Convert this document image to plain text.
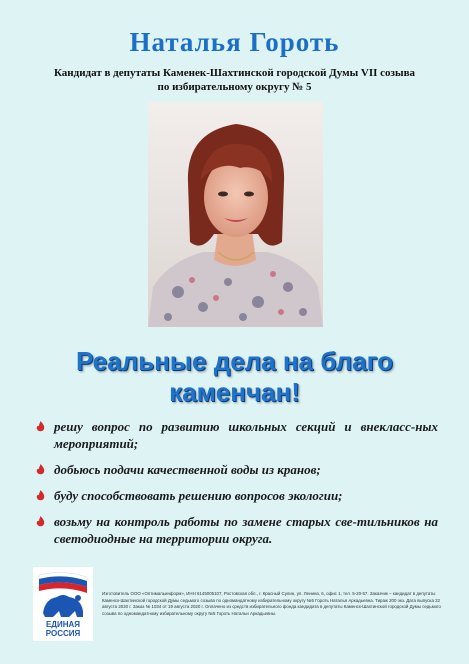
Наталья Гороть
Кандидат в депутаты Каменек-Шахтинской городской Думы VII созыва
по избирательному округу № 5
Реальные дела на благо
каменчан!
решу вопрос по развитию школьных секций и внекласс-ных мероприятий;
добьюсь подачи качественной воды из кранов;
буду способствовать решению вопросов экологии;
возьму на контроль работы по замене старых све-тильников на светодиодные на территории округа.
ЕДИНАЯ
РОССИЯ
Изготовитель ООО «Оптимальинформ», ИНН 6145005107, Ростовская обл., г. Красный Сулин, ул. Ленина, 6, офис 1, тел. 5-20-57. Заказчик – кандидат в депутаты Каменск-Шахтинской городской Думы седьмого созыва по одномандатному избирательному округу №5 Гороть Наталья Аркадьевна. Тираж 200 экз. Дата выпуска 22 августа 2020 г. Заказ № 1034 от 19 августа 2020 г. Оплачено из средств избирательного фонда кандидата в депутаты Каменск-Шахтинской городской Думы седьмого созыва по одномандатному избирательному округу №5 Гороть Натальи Аркадьевны.
